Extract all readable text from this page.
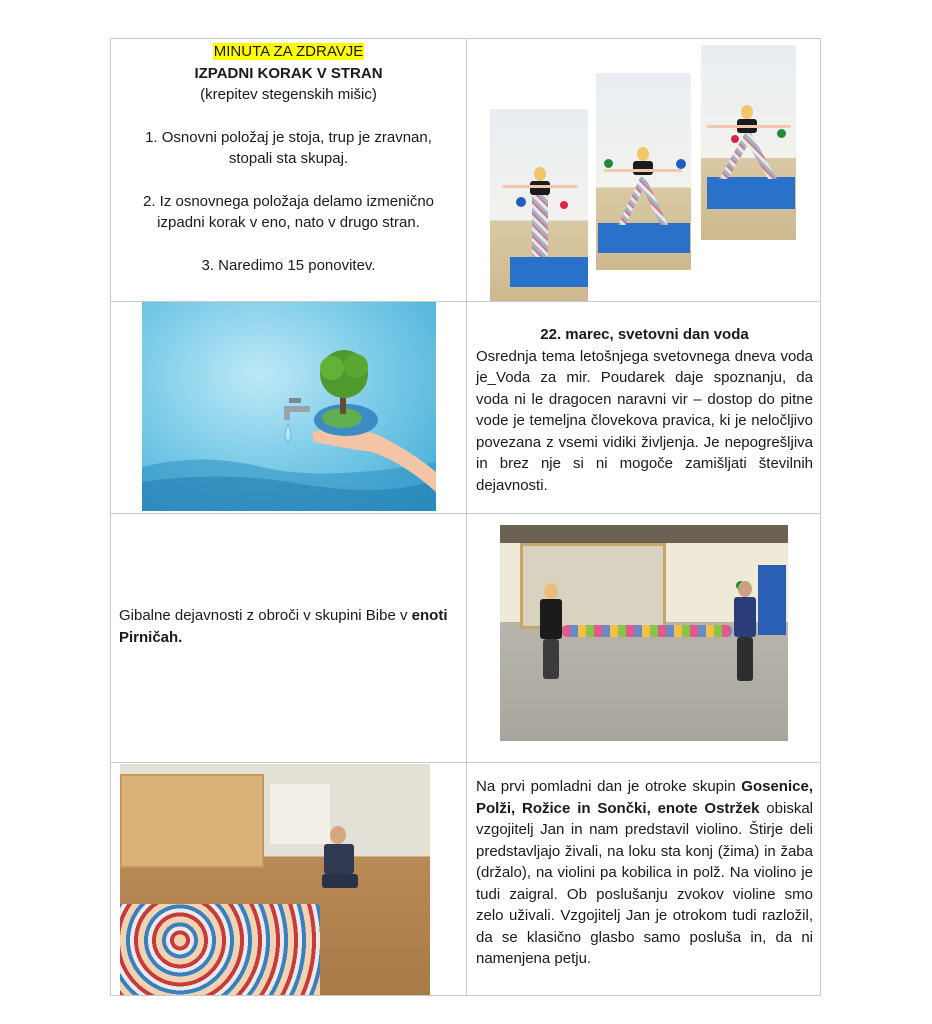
MINUTA ZA ZDRAVJE
IZPADNI KORAK V STRAN
(krepitev stegenskih mišic)
1. Osnovni položaj je stoja, trup je zravnan,
stopali sta skupaj.
2. Iz osnovnega položaja delamo izmenično
izpadni korak v eno, nato v drugo stran.
3. Naredimo 15 ponovitev.
22. marec, svetovni dan voda
Osrednja tema letošnjega svetovnega dneva voda je_Voda za mir. Poudarek daje spoznanju, da voda ni le dragocen naravni vir – dostop do pitne vode je temeljna človekova pravica, ki je neločljivo povezana z vsemi vidiki življenja. Je nepogrešljiva in brez nje si ni mogoče zamišljati številnih dejavnosti.
Gibalne dejavnosti z obroči v skupini Bibe v enoti Pirničah.
Na prvi pomladni dan je otroke skupin Gosenice, Polži, Rožice in Sončki, enote Ostržek obiskal vzgojitelj Jan in nam predstavil violino. Štirje deli predstavljajo živali, na loku sta konj (žima) in žaba (držalo), na violini pa kobilica in polž. Na violino je tudi zaigral. Ob poslušanju zvokov violine smo zelo uživali. Vzgojitelj Jan je otrokom tudi razložil, da se klasično glasbo samo posluša in, da ni namenjena petju.
